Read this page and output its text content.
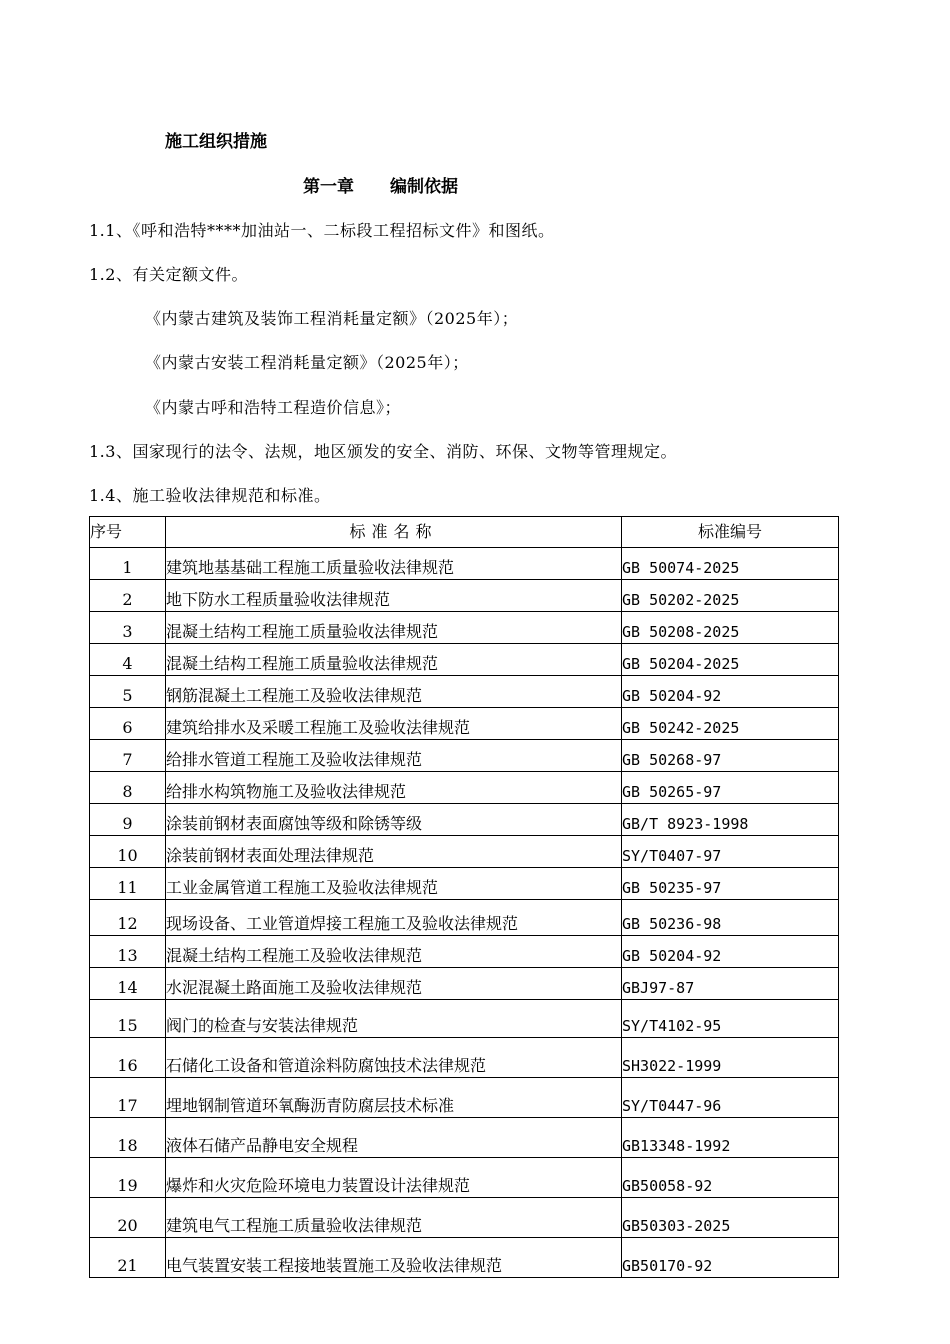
施工组织措施
第一章 编制依据
1.1、《呼和浩特****加油站一、二标段工程招标文件》和图纸。
1.2、有关定额文件。
《内蒙古建筑及装饰工程消耗量定额》（2025年）；
《内蒙古安装工程消耗量定额》（2025年）；
《内蒙古呼和浩特工程造价信息》；
1.3、国家现行的法令、法规，地区颁发的安全、消防、环保、文物等管理规定。
1.4、施工验收法律规范和标准。
序号	标准名称	标准编号

1	建筑地基基础工程施工质量验收法律规范	GB 50074-2025

2	地下防水工程质量验收法律规范	GB 50202-2025

3	混凝土结构工程施工质量验收法律规范	GB 50208-2025

4	混凝土结构工程施工质量验收法律规范	GB 50204-2025

5	钢筋混凝土工程施工及验收法律规范	GB 50204-92

6	建筑给排水及采暖工程施工及验收法律规范	GB 50242-2025

7	给排水管道工程施工及验收法律规范	GB 50268-97

8	给排水构筑物施工及验收法律规范	GB 50265-97

9	涂装前钢材表面腐蚀等级和除锈等级	GB/T 8923-1998

10	涂装前钢材表面处理法律规范	SY/T0407-97

11	工业金属管道工程施工及验收法律规范	GB 50235-97

12	现场设备、工业管道焊接工程施工及验收法律规范	GB 50236-98

13	混凝土结构工程施工及验收法律规范	GB 50204-92

14	水泥混凝土路面施工及验收法律规范	GBJ97-87

15	阀门的检查与安装法律规范	SY/T4102-95

16	石储化工设备和管道涂料防腐蚀技术法律规范	SH3022-1999

17	埋地钢制管道环氧酶沥青防腐层技术标准	SY/T0447-96

18	液体石储产品静电安全规程	GB13348-1992

19	爆炸和火灾危险环境电力装置设计法律规范	GB50058-92

20	建筑电气工程施工质量验收法律规范	GB50303-2025

21	电气装置安装工程接地装置施工及验收法律规范	GB50170-92
